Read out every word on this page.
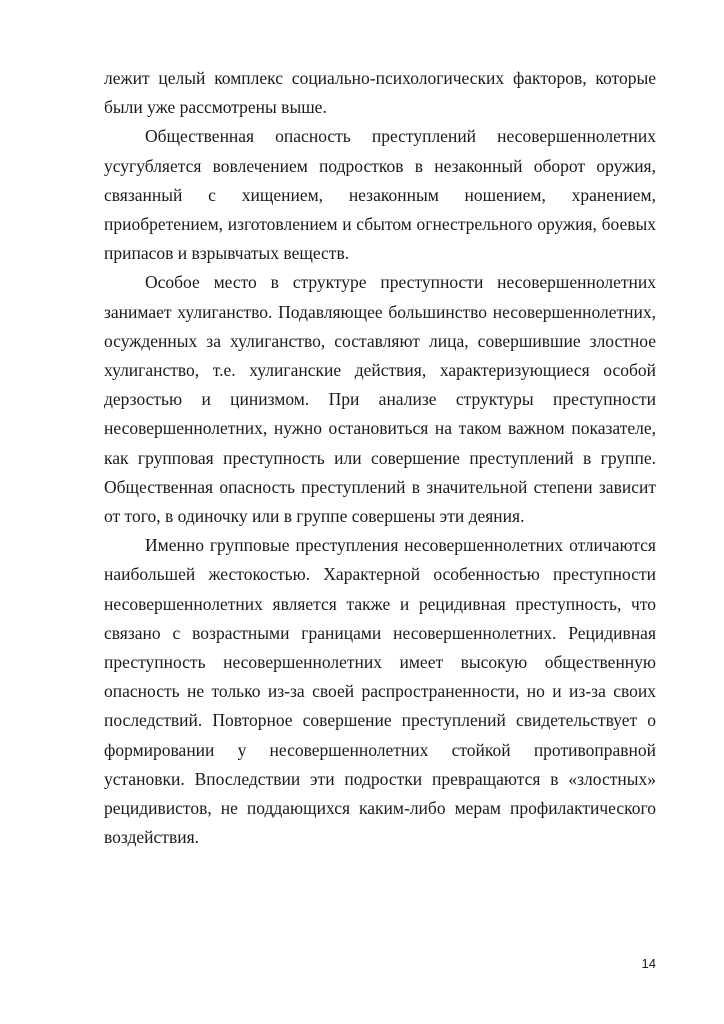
лежит целый комплекс социально-психологических факторов, которые были уже рассмотрены выше.

Общественная опасность преступлений несовершеннолетних усугубляется вовлечением подростков в незаконный оборот оружия, связанный с хищением, незаконным ношением, хранением, приобретением, изготовлением и сбытом огнестрельного оружия, боевых припасов и взрывчатых веществ.

Особое место в структуре преступности несовершеннолетних занимает хулиганство. Подавляющее большинство несовершеннолетних, осужденных за хулиганство, составляют лица, совершившие злостное хулиганство, т.е. хулиганские действия, характеризующиеся особой дерзостью и цинизмом. При анализе структуры преступности несовершеннолетних, нужно остановиться на таком важном показателе, как групповая преступность или совершение преступлений в группе. Общественная опасность преступлений в значительной степени зависит от того, в одиночку или в группе совершены эти деяния.

Именно групповые преступления несовершеннолетних отличаются наибольшей жестокостью. Характерной особенностью преступности несовершеннолетних является также и рецидивная преступность, что связано с возрастными границами несовершеннолетних. Рецидивная преступность несовершеннолетних имеет высокую общественную опасность не только из-за своей распространенности, но и из-за своих последствий. Повторное совершение преступлений свидетельствует о формировании у несовершеннолетних стойкой противоправной установки. Впоследствии эти подростки превращаются в «злостных» рецидивистов, не поддающихся каким-либо мерам профилактического воздействия.

14
